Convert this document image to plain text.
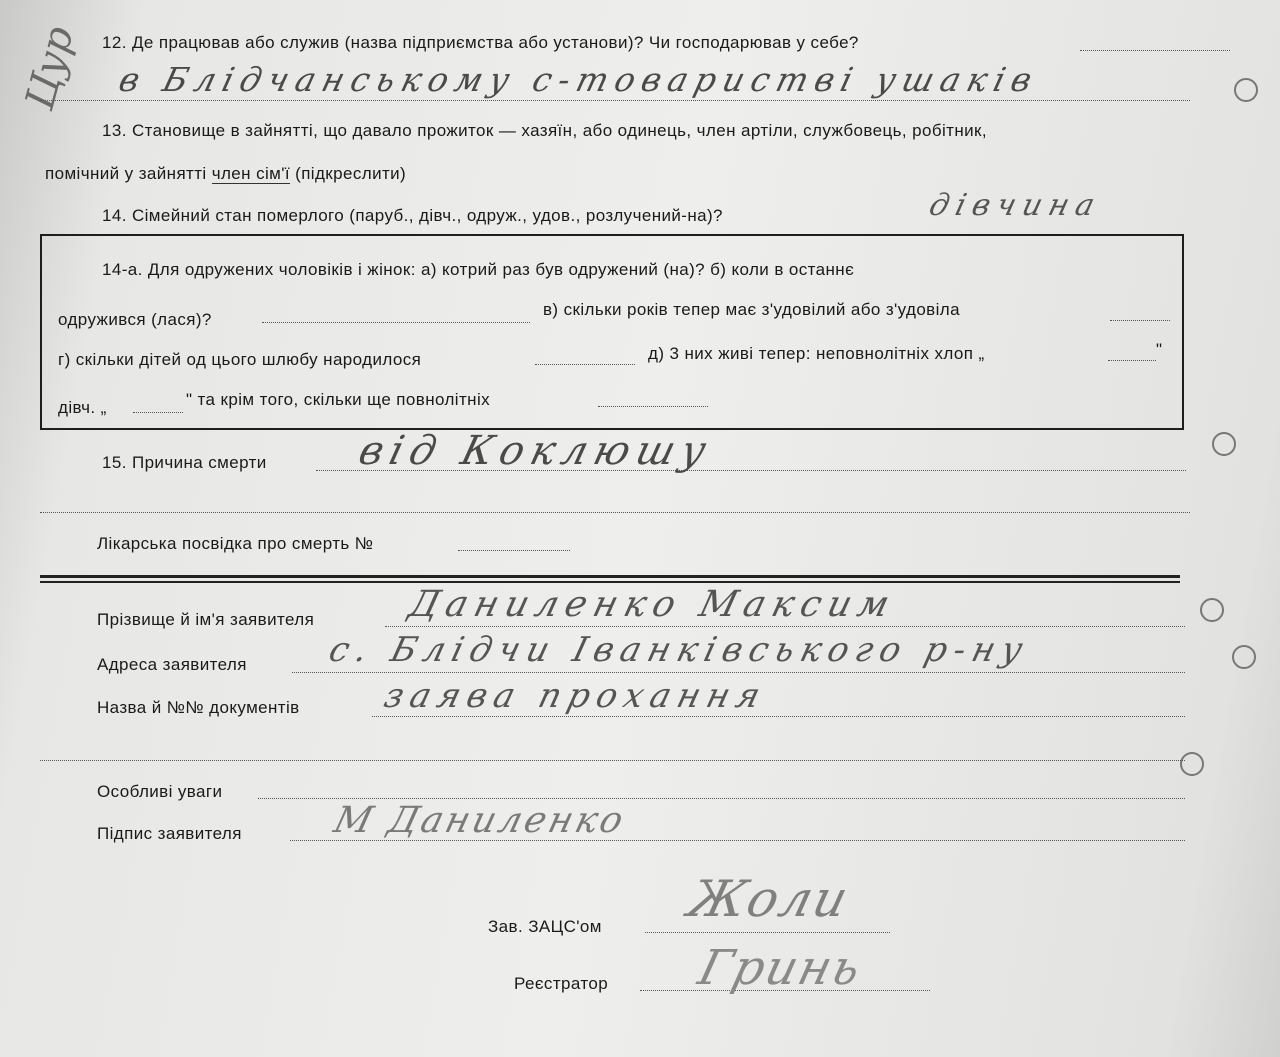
Цур 12. Де працював або служив (назва підприємства або установи)? Чи господарював у себе?
в Блідчанському с-товаристві ушаків
13. Становище в зайнятті, що давало прожиток — хазяїн, або одинець, член артіли, службовець, робітник,
помічний у зайнятті член сім'ї (підкреслити)
14. Сімейний стан померлого (паруб., дівч., одруж., удов., розлучений-на)?	дівчина
14-а. Для одружених чоловіків і жінок: а) котрий раз був одружений (на)? б) коли в останнє
одружився (лася)?
в) скільки років тепер має з'удовілий або з'удовіла
г) скільки дітей од цього шлюбу народилося	д) 3 них живі тепер: неповнолітніх хлоп „	"
дівч. „	" та крім того, скільки ще повнолітніх
15. Причина смерти від Коклюшу
Лікарська посвідка про смерть №
Прізвище й ім'я заявителя	Даниленко Максим
Адреса заявителя с. Блідчи Іванківського р-ну
Назва й №№ документів заява прохання
Особливі уваги
Підпис заявителя М Даниленко
Зав. ЗАЦС'ом Жоли
Реєстратор Гринь
